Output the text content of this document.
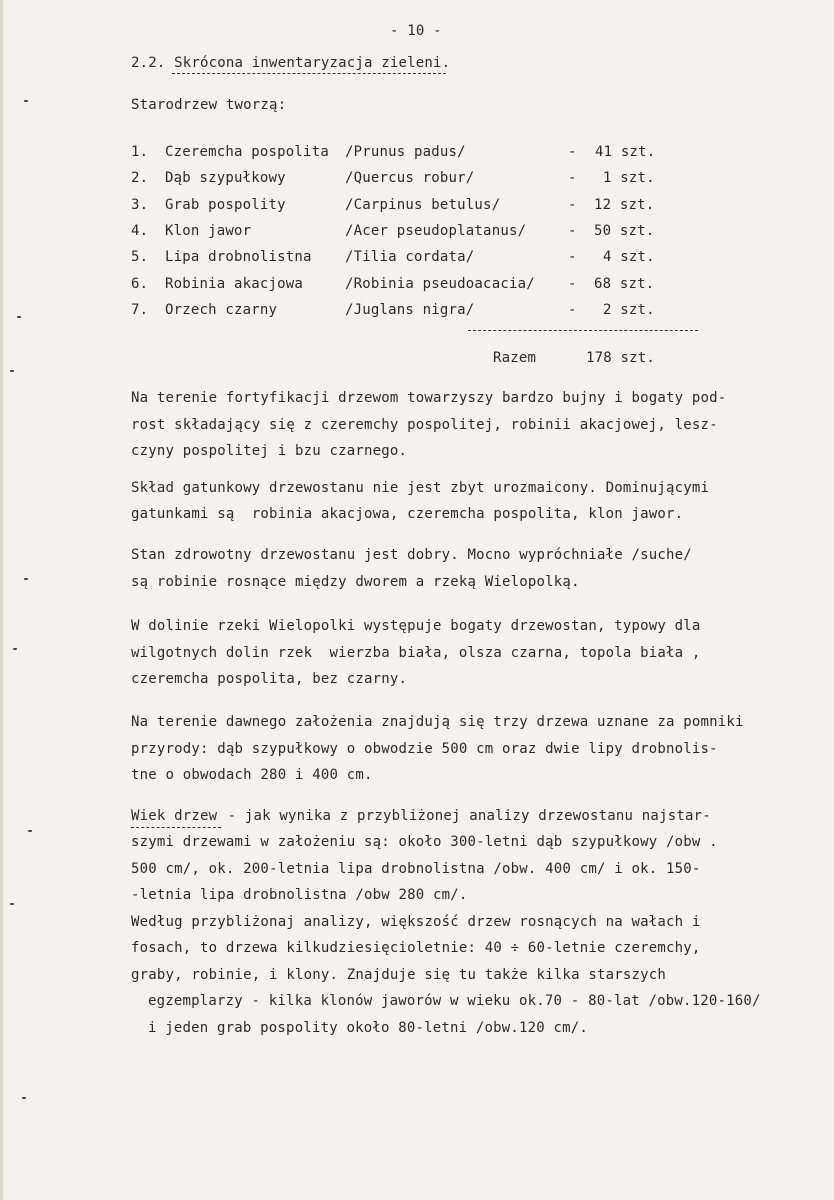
- 10 -
2.2. Skrócona inwentaryzacja zieleni.
Starodrzew tworzą:
1. Czeremcha pospolita /Prunus padus/	- 41 szt.
2. Dąb szypułkowy	/Quercus robur/	- 1 szt.
3. Grab pospolity	/Carpinus betulus/	- 12 szt.
4. Klon jawor	/Acer pseudoplatanus/	- 50 szt.
5. Lipa drobnolistna /Tilia cordata/	- 4 szt.
6. Robinia akacjowa	/Robinia pseudoacacia/ - 68 szt.
7. Orzech czarny	/Juglans nigra/	- 2 szt.
Razem	178 szt.
Na terenie fortyfikacji drzewom towarzyszy bardzo bujny i bogaty pod-
rost składający się z czeremchy pospolitej, robinii akacjowej, lesz-
czyny pospolitej i bzu czarnego.
Skład gatunkowy drzewostanu nie jest zbyt urozmaicony. Dominującymi
gatunkami są  robinia akacjowa, czeremcha pospolita, klon jawor.
Stan zdrowotny drzewostanu jest dobry. Mocno wypróchniałe /suche/
są robinie rosnące między dworem a rzeką Wielopolką.
W dolinie rzeki Wielopolki występuje bogaty drzewostan, typowy dla
wilgotnych dolin rzek  wierzba biała, olsza czarna, topola biała ,
czeremcha pospolita, bez czarny.
Na terenie dawnego założenia znajdują się trzy drzewa uznane za pomniki
przyrody: dąb szypułkowy o obwodzie 500 cm oraz dwie lipy drobnolis-
tne o obwodach 280 i 400 cm.
Wiek drzew - jak wynika z przybliżonej analizy drzewostanu najstar-
szymi drzewami w założeniu są: około 300-letni dąb szypułkowy /obw .
500 cm/, ok. 200-letnia lipa drobnolistna /obw. 400 cm/ i ok. 150-
-letnia lipa drobnolistna /obw 280 cm/.
Według przybliżonaj analizy, większość drzew rosnących na wałach i
fosach, to drzewa kilkudziesięcioletnie: 40 ÷ 60-letnie czeremchy,
graby, robinie, i klony. Znajduje się tu także kilka starszych
egzemplarzy - kilka klonów jaworów w wieku ok.70 - 80-lat /obw.120-160/
i jeden grab pospolity około 80-letni /obw.120 cm/.
